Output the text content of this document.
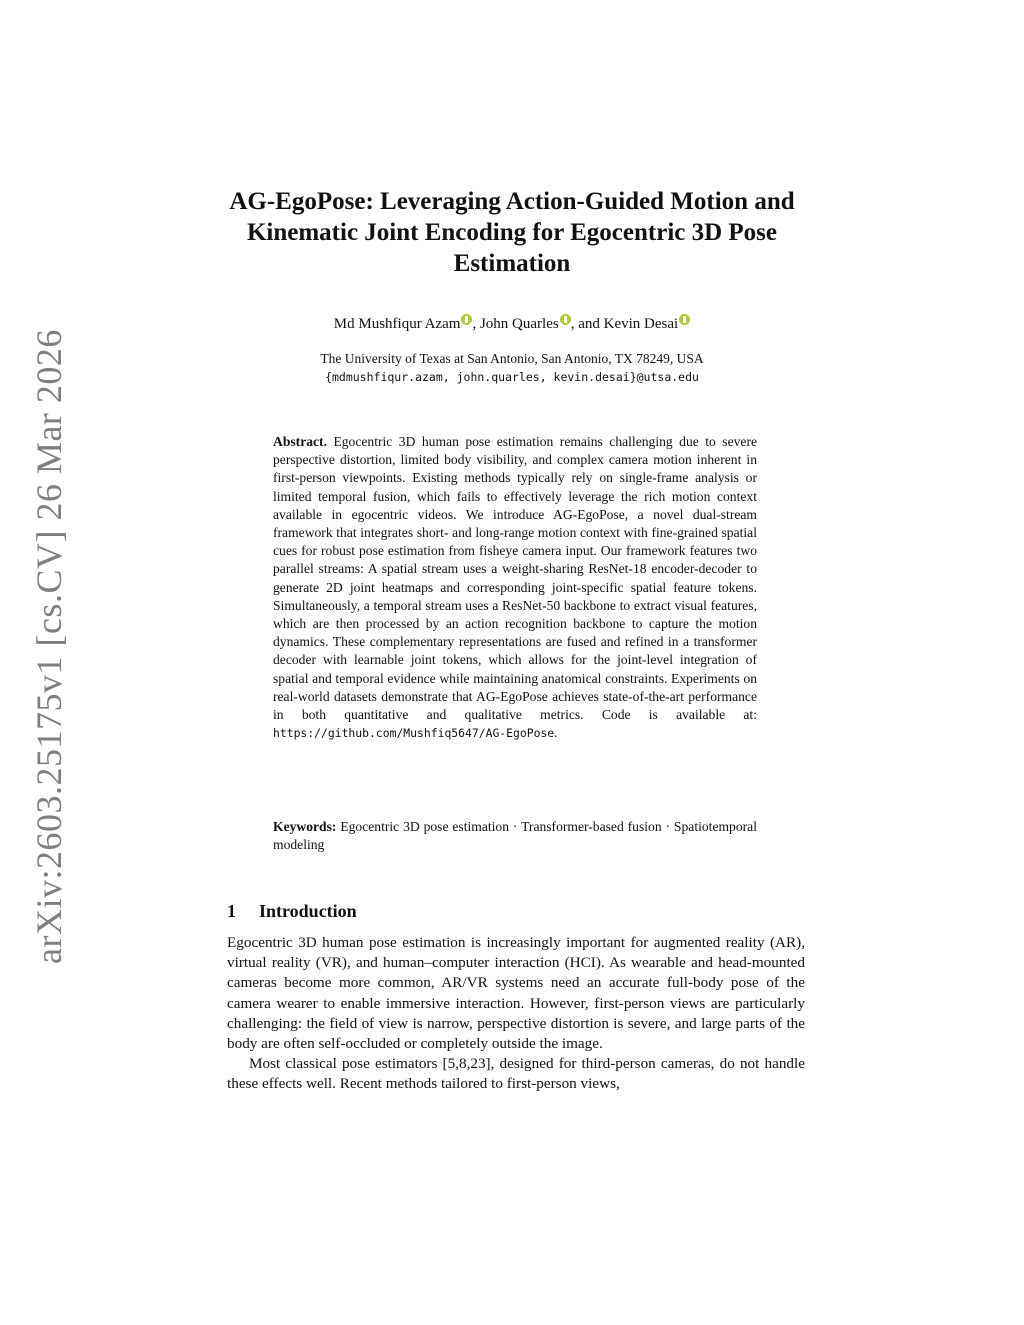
arXiv:2603.25175v1 [cs.CV] 26 Mar 2026
AG-EgoPose: Leveraging Action-Guided Motion and Kinematic Joint Encoding for Egocentric 3D Pose Estimation
Md Mushfiqur Azam , John Quarles , and Kevin Desai
The University of Texas at San Antonio, San Antonio, TX 78249, USA
{mdmushfiqur.azam, john.quarles, kevin.desai}@utsa.edu
Abstract. Egocentric 3D human pose estimation remains challenging due to severe perspective distortion, limited body visibility, and complex camera motion inherent in first-person viewpoints. Existing methods typically rely on single-frame analysis or limited temporal fusion, which fails to effectively leverage the rich motion context available in egocentric videos. We introduce AG-EgoPose, a novel dual-stream framework that integrates short- and long-range motion context with fine-grained spatial cues for robust pose estimation from fisheye camera input. Our framework features two parallel streams: A spatial stream uses a weight-sharing ResNet-18 encoder-decoder to generate 2D joint heatmaps and corresponding joint-specific spatial feature tokens. Simultaneously, a temporal stream uses a ResNet-50 backbone to extract visual features, which are then processed by an action recognition backbone to capture the motion dynamics. These complementary representations are fused and refined in a transformer decoder with learnable joint tokens, which allows for the joint-level integration of spatial and temporal evidence while maintaining anatomical constraints. Experiments on real-world datasets demonstrate that AG-EgoPose achieves state-of-the-art performance in both quantitative and qualitative metrics. Code is available at: https://github.com/Mushfiq5647/AG-EgoPose.
Keywords: Egocentric 3D pose estimation · Transformer-based fusion · Spatiotemporal modeling
1 Introduction

Egocentric 3D human pose estimation is increasingly important for augmented reality (AR), virtual reality (VR), and human–computer interaction (HCI). As wearable and head-mounted cameras become more common, AR/VR systems need an accurate full-body pose of the camera wearer to enable immersive interaction. However, first-person views are particularly challenging: the field of view is narrow, perspective distortion is severe, and large parts of the body are often self-occluded or completely outside the image.

Most classical pose estimators [5,8,23], designed for third-person cameras, do not handle these effects well. Recent methods tailored to first-person views,
